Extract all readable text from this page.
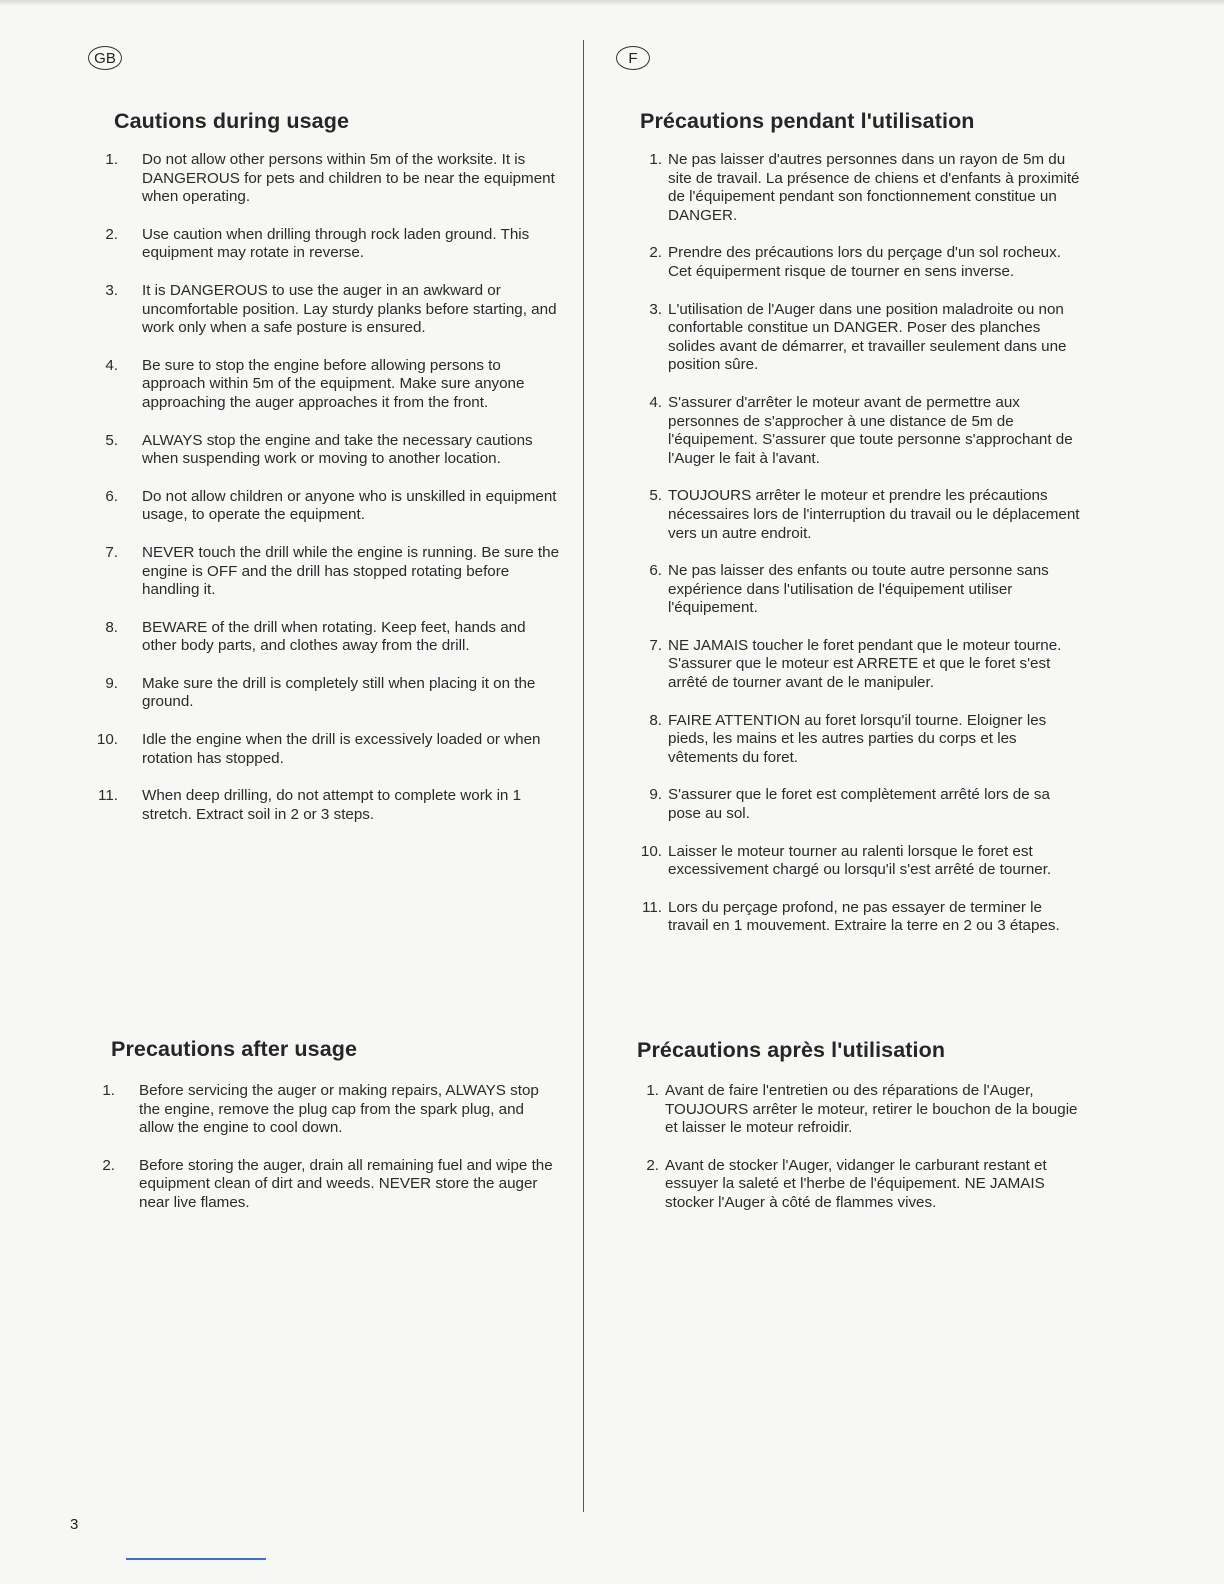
GB	F
Cautions during usage
1.	Do not allow other persons within 5m of the worksite. It is DANGEROUS for pets and children to be near the equipment when operating.
2.	Use caution when drilling through rock laden ground. This equipment may rotate in reverse.
3.	It is DANGEROUS to use the auger in an awkward or uncomfortable position. Lay sturdy planks before starting, and work only when a safe posture is ensured.
4.	Be sure to stop the engine before allowing persons to approach within 5m of the equipment. Make sure anyone approaching the auger approaches it from the front.
5.	ALWAYS stop the engine and take the necessary cautions when suspending work or moving to another location.
6.	Do not allow children or anyone who is unskilled in equipment usage, to operate the equipment.
7.	NEVER touch the drill while the engine is running. Be sure the engine is OFF and the drill has stopped rotating before handling it.
8.	BEWARE of the drill when rotating. Keep feet, hands and other body parts, and clothes away from the drill.
9.	Make sure the drill is completely still when placing it on the ground.
10.	Idle the engine when the drill is excessively loaded or when rotation has stopped.
11.	When deep drilling, do not attempt to complete work in 1 stretch. Extract soil in 2 or 3 steps.
Precautions after usage
1.	Before servicing the auger or making repairs, ALWAYS stop the engine, remove the plug cap from the spark plug, and allow the engine to cool down.
2.	Before storing the auger, drain all remaining fuel and wipe the equipment clean of dirt and weeds. NEVER store the auger near live flames.
Précautions pendant l'utilisation
1. Ne pas laisser d'autres personnes dans un rayon de 5m du site de travail. La présence de chiens et d'enfants à proximité de l'équipement pendant son fonctionnement constitue un DANGER.
2. Prendre des précautions lors du perçage d'un sol rocheux. Cet équiperment risque de tourner en sens inverse.
3. L'utilisation de l'Auger dans une position maladroite ou non confortable constitue un DANGER. Poser des planches solides avant de démarrer, et travailler seulement dans une position sûre.
4. S'assurer d'arrêter le moteur avant de permettre aux personnes de s'approcher à une distance de 5m de l'équipement. S'assurer que toute personne s'approchant de l'Auger le fait à l'avant.
5. TOUJOURS arrêter le moteur et prendre les précautions nécessaires lors de l'interruption du travail ou le déplacement vers un autre endroit.
6. Ne pas laisser des enfants ou toute autre personne sans expérience dans l'utilisation de l'équipement utiliser l'équipement.
7. NE JAMAIS toucher le foret pendant que le moteur tourne. S'assurer que le moteur est ARRETE et que le foret s'est arrêté de tourner avant de le manipuler.
8. FAIRE ATTENTION au foret lorsqu'il tourne. Eloigner les pieds, les mains et les autres parties du corps et les vêtements du foret.
9. S'assurer que le foret est complètement arrêté lors de sa pose au sol.
10. Laisser le moteur tourner au ralenti lorsque le foret est excessivement chargé ou lorsqu'il s'est arrêté de tourner.
11. Lors du perçage profond, ne pas essayer de terminer le travail en 1 mouvement. Extraire la terre en 2 ou 3 étapes.
Précautions après l'utilisation
1. Avant de faire l'entretien ou des réparations de l'Auger, TOUJOURS arrêter le moteur, retirer le bouchon de la bougie et laisser le moteur refroidir.
2. Avant de stocker l'Auger, vidanger le carburant restant et essuyer la saleté et l'herbe de l'équipement. NE JAMAIS stocker l'Auger à côté de flammes vives.
3
